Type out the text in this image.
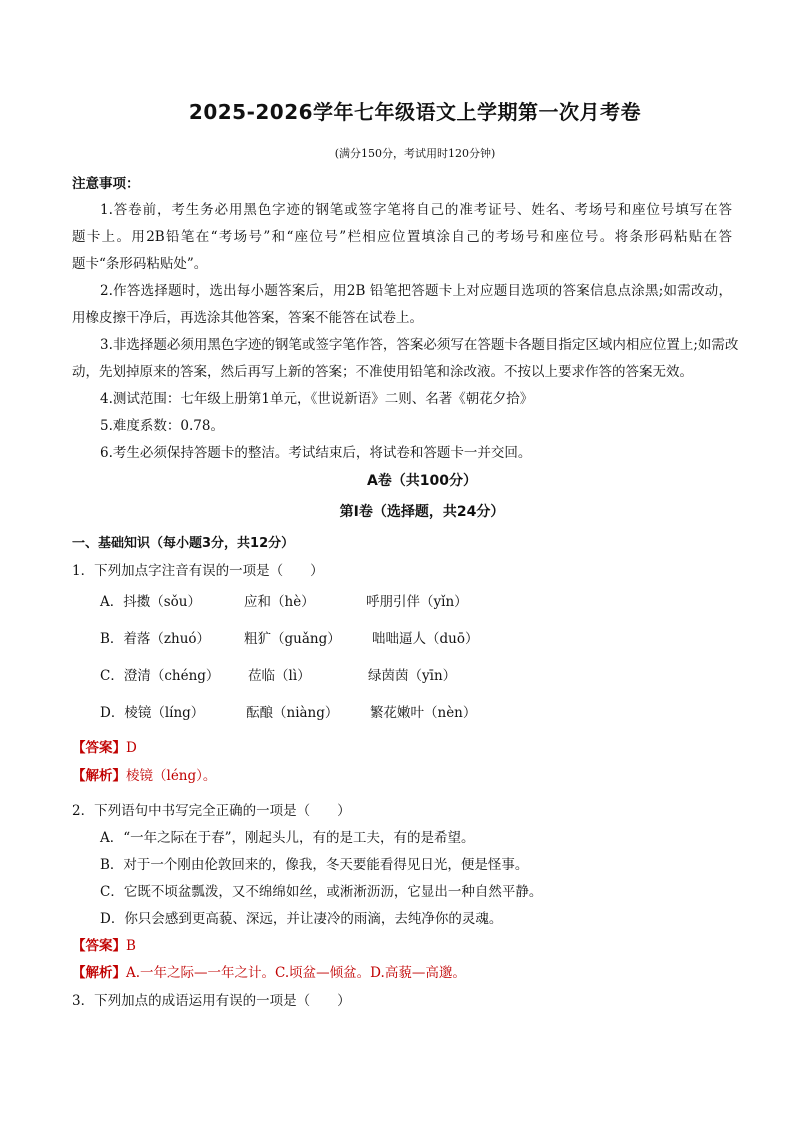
2025-2026学年七年级语文上学期第一次月考卷
(满分150分，考试用时120分钟)
注意事项：
1.答卷前，考生务必用黑色字迹的钢笔或签字笔将自己的准考证号、姓名、考场号和座位号填写在答
题卡上。用2B铅笔在“考场号”和“座位号”栏相应位置填涂自己的考场号和座位号。将条形码粘贴在答
题卡“条形码粘贴处”。
2.作答选择题时，选出每小题答案后，用2B 铅笔把答题卡上对应题目选项的答案信息点涂黑;如需改动，
用橡皮擦干净后，再选涂其他答案，答案不能答在试卷上。
3.非选择题必须用黑色字迹的钢笔或签字笔作答，答案必须写在答题卡各题目指定区域内相应位置上;如需改
动，先划掉原来的答案，然后再写上新的答案；不准使用铅笔和涂改液。不按以上要求作答的答案无效。
4.测试范围：七年级上册第1单元，《世说新语》二则、名著《朝花夕拾》
5.难度系数：0.78。
6.考生必须保持答题卡的整洁。考试结束后，将试卷和答题卡一并交回。
A卷（共100分）
第Ⅰ卷（选择题，共24分）
一、基础知识（每小题3分，共12分）
1．下列加点字注音有误的一项是（　　）
A．抖擞（sǒu）	应和（hè）	呼朋引伴（yǐn）
B．着落（zhuó）	粗犷（guǎng） 咄咄逼人（duō）
C．澄清（chéng） 莅临（lì）	绿茵茵（yīn）
D．棱镜（líng）	酝酿（niàng） 繁花嫩叶（nèn）
【答案】D
【解析】棱镜（léng）。
2．下列语句中书写完全正确的一项是（　　）
A．“一年之际在于春”，刚起头儿，有的是工夫，有的是希望。
B．对于一个刚由伦敦回来的，像我，冬天要能看得见日光，便是怪事。
C．它既不顷盆瓢泼，又不绵绵如丝，或淅淅沥沥，它显出一种自然平静。
D．你只会感到更高藐、深远，并让凄冷的雨滴，去纯净你的灵魂。
【答案】B
【解析】A.一年之际—一年之计。C.顷盆—倾盆。D.高藐—高邈。
3．下列加点的成语运用有误的一项是（　　）
